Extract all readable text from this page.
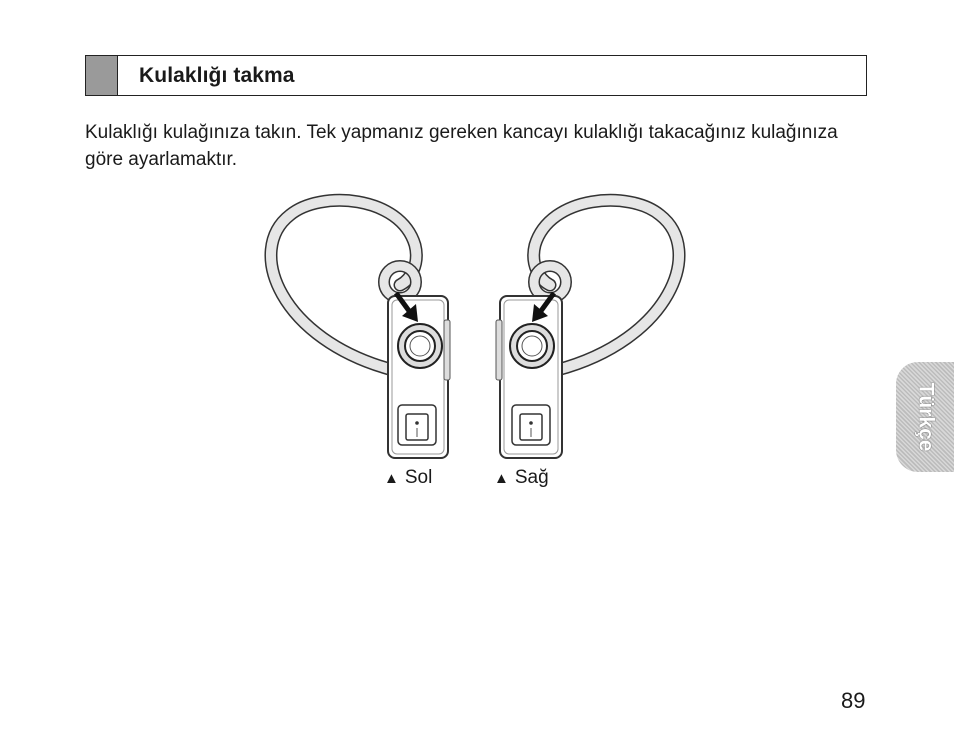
Kulaklığı takma

Kulaklığı kulağınıza takın. Tek yapmanız gereken kancayı kulaklığı takacağınız kulağınıza göre ayarlamaktır.

▲ Sol	▲ Sağ
Türkçe
89
